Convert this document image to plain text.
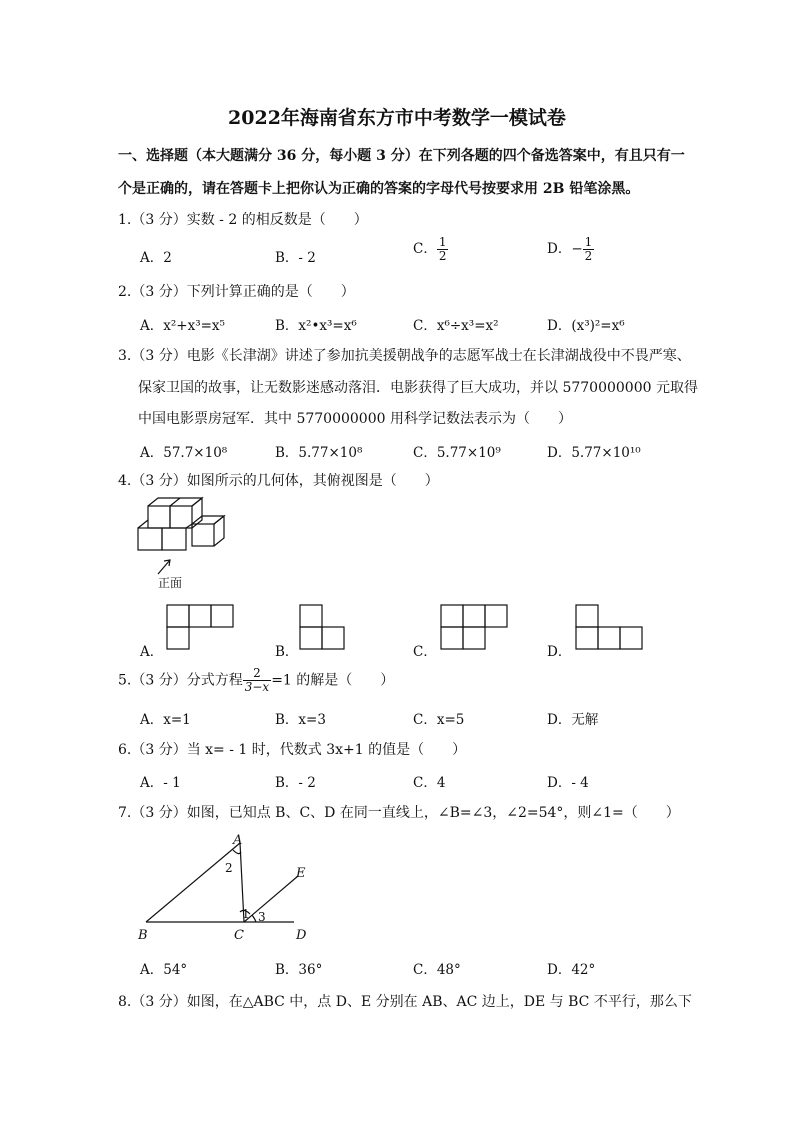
2022年海南省东方市中考数学一模试卷
一、选择题（本大题满分 36 分，每小题 3 分）在下列各题的四个备选答案中，有且只有一
个是正确的，请在答题卡上把你认为正确的答案的字母代号按要求用 2B 铅笔涂黑。
1.（3 分）实数 - 2 的相反数是（　　）
A．2	B．- 2
C． $\frac{1}{2}$	D．− $\frac{1}{2}$
2.（3 分）下列计算正确的是（　　）
A．x²+x³=x⁵	B．x²•x³=x⁶	C．x⁶÷x³=x²	D．(x³)²=x⁶
3.（3 分）电影《长津湖》讲述了参加抗美援朝战争的志愿军战士在长津湖战役中不畏严寒、
保家卫国的故事，让无数影迷感动落泪．电影获得了巨大成功，并以 5770000000 元取得
中国电影票房冠军．其中 5770000000 用科学记数法表示为（　　）
A．57.7×10⁸	B．5.77×10⁸	C．5.77×10⁹	D．5.77×10¹⁰
4.（3 分）如图所示的几何体，其俯视图是（　　）
正面
A．	B．	C．	D．
5.（3 分）分式方程 $\frac{2}{3-x} =1$ 的解是（　　）
A．x=1	B．x=3	C．x=5	D．无解
6.（3 分）当 x= - 1 时，代数式 3x+1 的值是（　　）
A．- 1	B．- 2	C．4	D．- 4
7.（3 分）如图，已知点 B、C、D 在同一直线上，∠B=∠3，∠2=54°，则∠1=（　　）
A
B	C	D
E
2
1 3
A．54°	B．36°	C．48°	D．42°
8.（3 分）如图，在△ABC 中，点 D、E 分别在 AB、AC 边上，DE 与 BC 不平行，那么下
